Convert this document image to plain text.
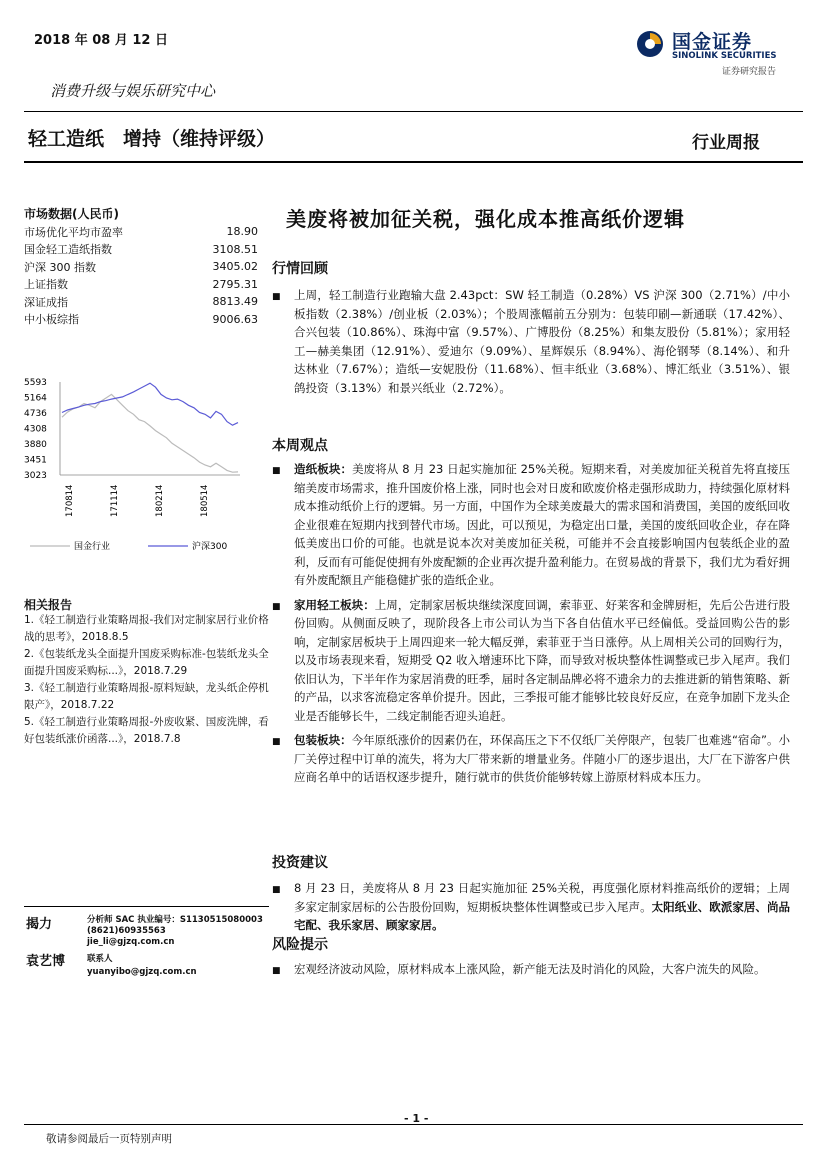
2018 年 08 月 12 日	国金证券
SINOLINK SECURITIES
证券研究报告
消费升级与娱乐研究中心
轻工造纸　增持（维持评级）	行业周报
市场数据(人民币)
市场优化平均市盈率	18.90
国金轻工造纸指数	3108.51
沪深 300 指数	3405.02
上证指数	2795.31
深证成指	8813.49
中小板综指	9006.63
5593
5164
4736
4308
3880
3451
3023
170814	171114	180214	180514
国金行业	沪深300
相关报告

1.《轻工制造行业策略周报-我们对定制家居行业价格战的思考》，2018.8.5

2.《包装纸龙头全面提升国废采购标准-包装纸龙头全面提升国废采购标...》，2018.7.29

3.《轻工制造行业策略周报-原料短缺，龙头纸企停机限产》，2018.7.22

5.《轻工制造行业策略周报-外废收紧、国废洗牌，看好包装纸涨价函落...》，2018.7.8

揭力	分析师 SAC 执业编号：S1130515080003
(8621)60935563
jie_li@gjzq.com.cn
袁艺博	联系人
yuanyibo@gjzq.com.cn
美废将被加征关税，强化成本推高纸价逻辑
行情回顾
■	上周，轻工制造行业跑输大盘 2.43pct：SW 轻工制造（0.28%）VS 沪深 300（2.71%）/中小板指数（2.38%）/创业板（2.03%）；个股周涨幅前五分别为：包装印刷—新通联（17.42%）、合兴包装（10.86%）、珠海中富（9.57%）、广博股份（8.25%）和集友股份（5.81%）；家用轻工—赫美集团（12.91%）、爱迪尔（9.09%）、星辉娱乐（8.94%）、海伦钢琴（8.14%）、和升达林业（7.67%）；造纸—安妮股份（11.68%）、恒丰纸业（3.68%）、博汇纸业（3.51%）、银鸽投资（3.13%）和景兴纸业（2.72%）。
本周观点
■	造纸板块：美废将从 8 月 23 日起实施加征 25%关税。短期来看，对美废加征关税首先将直接压缩美废市场需求，推升国废价格上涨，同时也会对日废和欧废价格走强形成助力，持续强化原材料成本推动纸价上行的逻辑。另一方面，中国作为全球美废最大的需求国和消费国，美国的废纸回收企业很难在短期内找到替代市场。因此，可以预见，为稳定出口量，美国的废纸回收企业，存在降低美废出口价的可能。也就是说本次对美废加征关税，可能并不会直接影响国内包装纸企业的盈利，反而有可能促使拥有外废配额的企业再次提升盈利能力。在贸易战的背景下，我们尤为看好拥有外废配额且产能稳健扩张的造纸企业。
■	家用轻工板块：上周，定制家居板块继续深度回调，索菲亚、好莱客和金牌厨柜，先后公告进行股份回购。从侧面反映了，现阶段各上市公司认为当下各自估值水平已经偏低。受益回购公告的影响，定制家居板块于上周四迎来一轮大幅反弹，索菲亚于当日涨停。从上周相关公司的回购行为，以及市场表现来看，短期受 Q2 收入增速环比下降，而导致对板块整体性调整或已步入尾声。我们依旧认为，下半年作为家居消费的旺季，届时各定制品牌必将不遗余力的去推进新的销售策略、新的产品，以求客流稳定客单价提升。因此，三季报可能才能够比较良好反应，在竞争加剧下龙头企业是否能够长牛，二线定制能否迎头追赶。
■	包装板块：今年原纸涨价的因素仍在，环保高压之下不仅纸厂关停限产，包装厂也难逃“宿命”。小厂关停过程中订单的流失，将为大厂带来新的增量业务。伴随小厂的逐步退出，大厂在下游客户供应商名单中的话语权逐步提升，随行就市的供货价能够转嫁上游原材料成本压力。
投资建议
■	8 月 23 日，美废将从 8 月 23 日起实施加征 25%关税，再度强化原材料推高纸价的逻辑；上周多家定制家居标的公告股份回购，短期板块整体性调整或已步入尾声。太阳纸业、欧派家居、尚品宅配、我乐家居、顾家家居。
风险提示
■	宏观经济波动风险，原材料成本上涨风险，新产能无法及时消化的风险，大客户流失的风险。
- 1 -
敬请参阅最后一页特别声明
